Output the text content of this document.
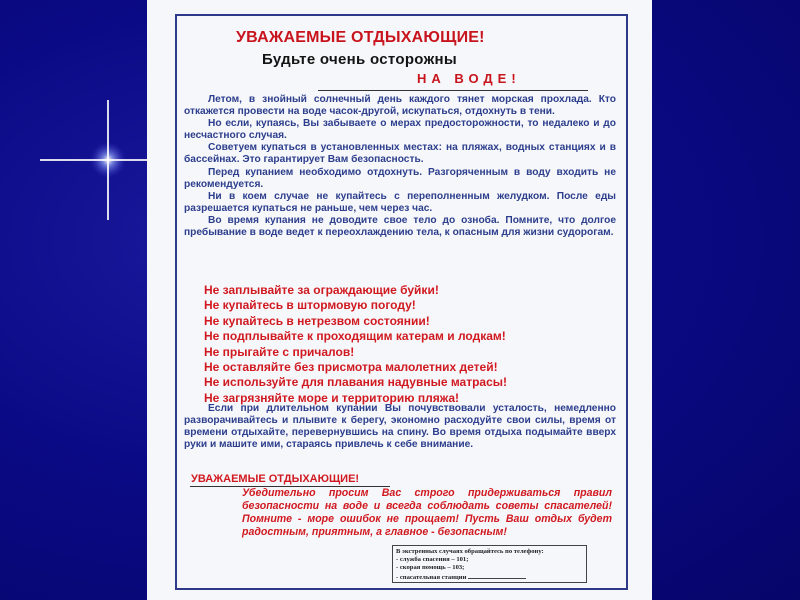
УВАЖАЕМЫЕ ОТДЫХАЮЩИЕ!
Будьте очень осторожны
НА ВОДЕ!

Летом, в знойный солнечный день каждого тянет морская прохлада. Кто откажется провести на воде часок-другой, искупаться, отдохнуть в тени.

Но если, купаясь, Вы забываете о мерах предосторожности, то недалеко и до несчастного случая.

Советуем купаться в установленных местах: на пляжах, водных станциях и в бассейнах. Это гарантирует Вам безопасность.

Перед купанием необходимо отдохнуть. Разгоряченным в воду входить не рекомендуется.

Ни в коем случае не купайтесь с переполненным желудком. После еды разрешается купаться не раньше, чем через час.

Во время купания не доводите свое тело до озноба. Помните, что долгое пребывание в воде ведет к переохлаждению тела, к опасным для жизни судорогам.

Не заплывайте за ограждающие буйки!

Не купайтесь в штормовую погоду!

Не купайтесь в нетрезвом состоянии!

Не подплывайте к проходящим катерам и лодкам!

Не прыгайте с причалов!

Не оставляйте без присмотра малолетних детей!

Не используйте для плавания надувные матрасы!

Не загрязняйте море и территорию пляжа!

Если при длительном купании Вы почувствовали усталость, немедленно разворачивайтесь и плывите к берегу, экономно расходуйте свои силы, время от времени отдыхайте, перевернувшись на спину. Во время отдыха подымайте вверх руки и машите ими, стараясь привлечь к себе внимание.

УВАЖАЕМЫЕ ОТДЫХАЮЩИЕ!

Убедительно просим Вас строго придерживаться правил безопасности на воде и всегда соблюдать советы спасателей! Помните - море ошибок не прощает! Пусть Ваш отдых будет радостным, приятным, а главное - безопасным!

В экстренных случаях обращайтесь по телефону:

- служба спасения – 101;

- скорая помощь – 103;

- спасательная станции
